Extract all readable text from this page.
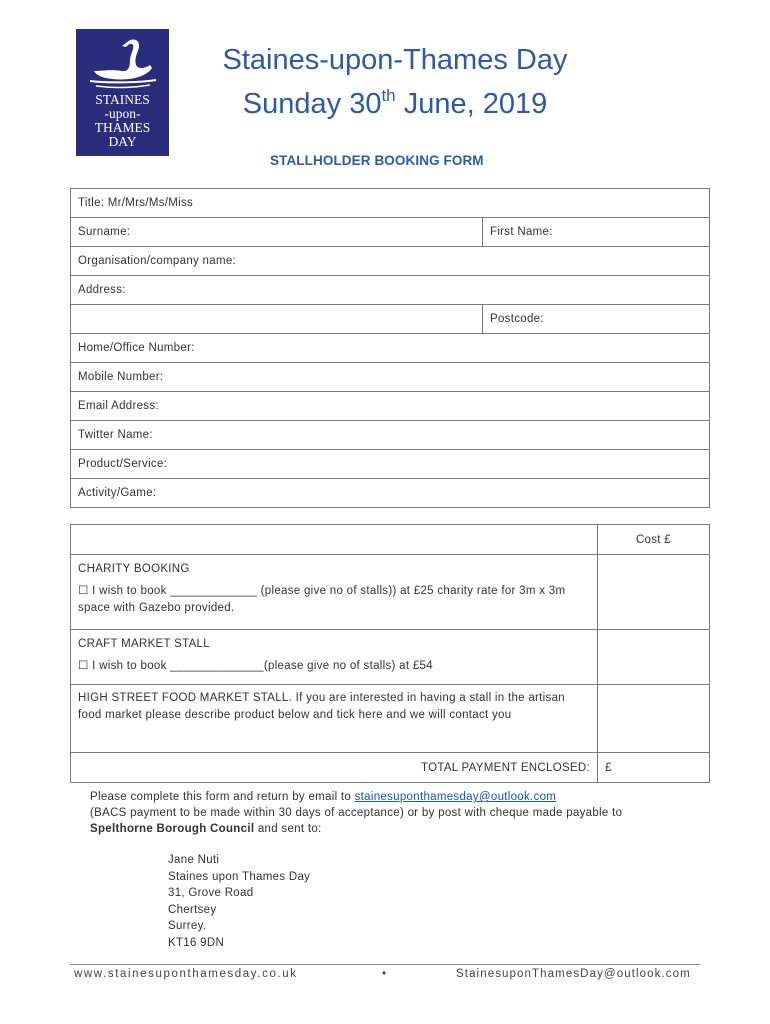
STAINES
-upon-
THAMES
DAY
Staines-upon-Thames Day
Sunday 30th June, 2019
STALLHOLDER BOOKING FORM
Title: Mr/Mrs/Ms/Miss	
Surname:	First Name:
Organisation/company name:	
Address:	
	Postcode:
Home/Office Number:	
Mobile Number:	
Email Address:	
Twitter Name:	
Product/Service:	
Activity/Game:	
	Cost £

CHARITY BOOKING

☐ I wish to book _____________ (please give no of stalls)) at £25 charity rate for 3m x 3m space with Gazebo provided.	

CRAFT MARKET STALL

☐ I wish to book ______________(please give no of stalls) at £54	

HIGH STREET FOOD MARKET STALL. If you are interested in having a stall in the artisan food market please describe product below and tick here and we will contact you	

TOTAL PAYMENT ENCLOSED:	£
Please complete this form and return by email to stainesuponthamesday@outlook.com
(BACS payment to be made within 30 days of acceptance) or by post with cheque made payable to
Spelthorne Borough Council and sent to:
Jane Nuti
Staines upon Thames Day
31, Grove Road
Chertsey
Surrey.
KT16 9DN
www.stainesuponthamesday.co.uk	•	StainesuponThamesDay@outlook.com
